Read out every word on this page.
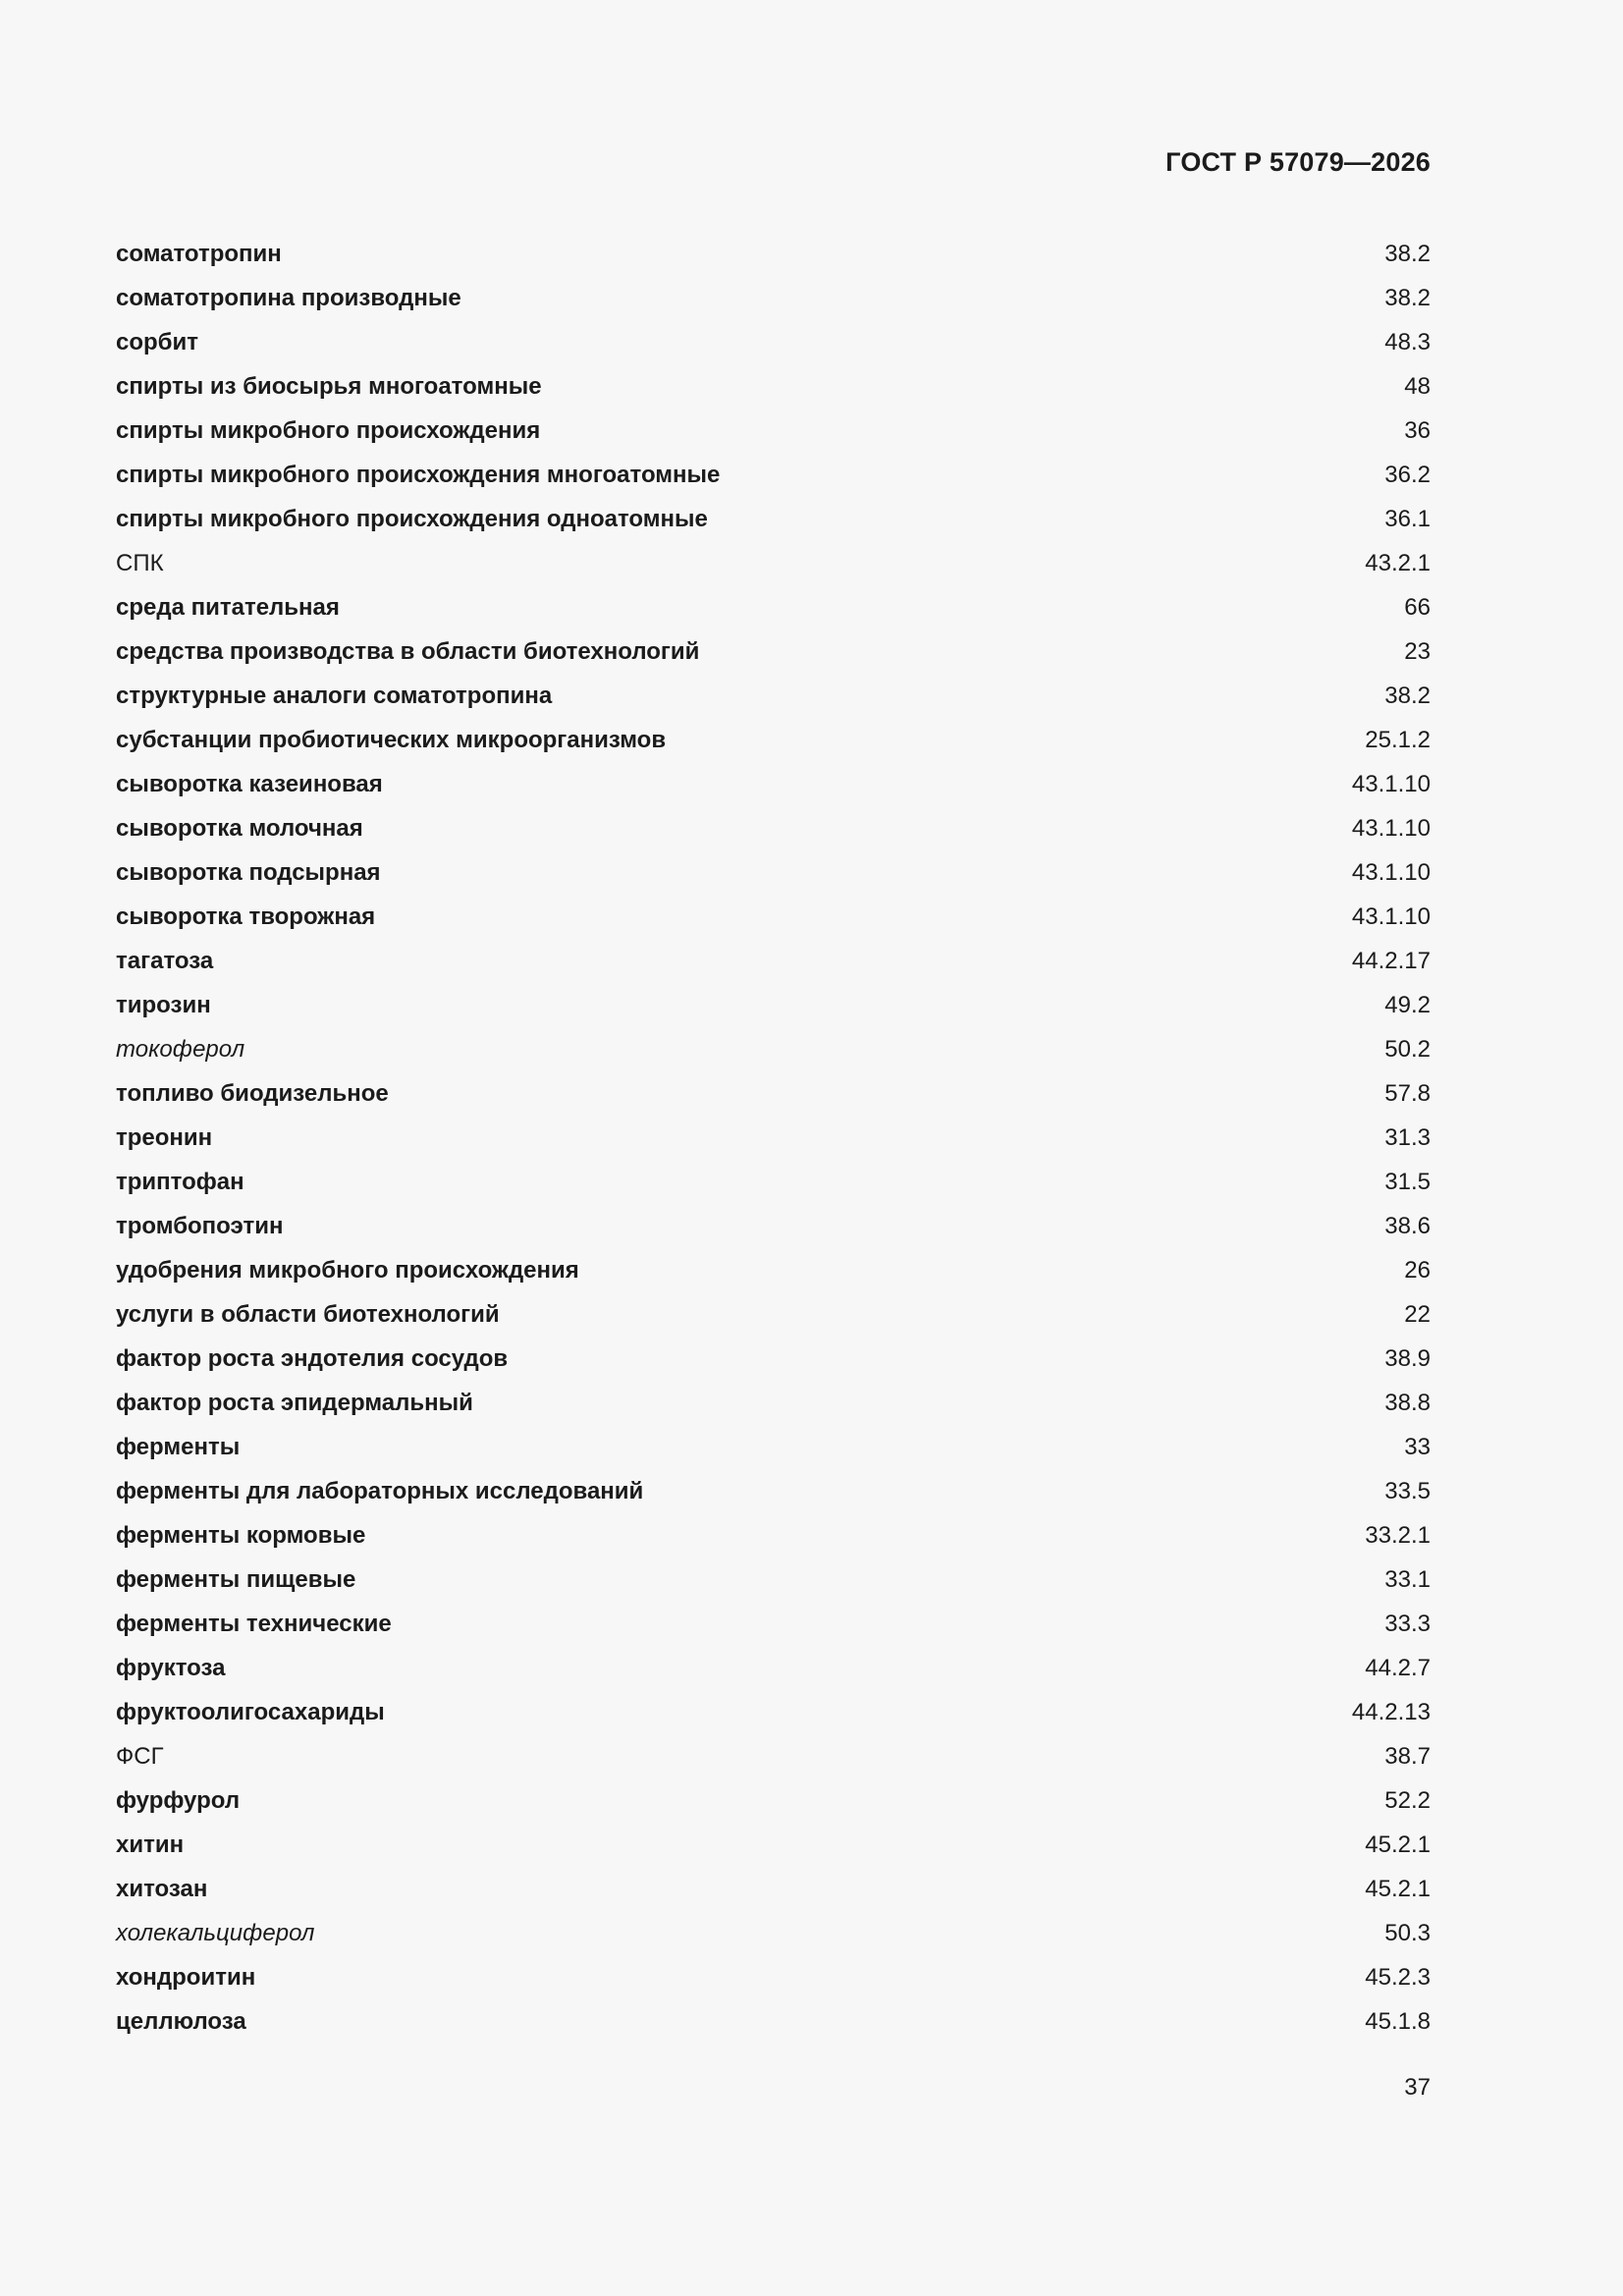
ГОСТ Р 57079—2026
соматотропин	38.2
соматотропина производные	38.2
сорбит	48.3
спирты из биосырья многоатомные	48
спирты микробного происхождения	36
спирты микробного происхождения многоатомные	36.2
спирты микробного происхождения одноатомные	36.1
СПК	43.2.1
среда питательная	66
средства производства в области биотехнологий	23
структурные аналоги соматотропина	38.2
субстанции пробиотических микроорганизмов	25.1.2
сыворотка казеиновая	43.1.10
сыворотка молочная	43.1.10
сыворотка подсырная	43.1.10
сыворотка творожная	43.1.10
тагатоза	44.2.17
тирозин	49.2
токоферол	50.2
топливо биодизельное	57.8
треонин	31.3
триптофан	31.5
тромбопоэтин	38.6
удобрения микробного происхождения	26
услуги в области биотехнологий	22
фактор роста эндотелия сосудов	38.9
фактор роста эпидермальный	38.8
ферменты	33
ферменты для лабораторных исследований	33.5
ферменты кормовые	33.2.1
ферменты пищевые	33.1
ферменты технические	33.3
фруктоза	44.2.7
фруктоолигосахариды	44.2.13
ФСГ	38.7
фурфурол	52.2
хитин	45.2.1
хитозан	45.2.1
холекальциферол	50.3
хондроитин	45.2.3
целлюлоза	45.1.8
37
